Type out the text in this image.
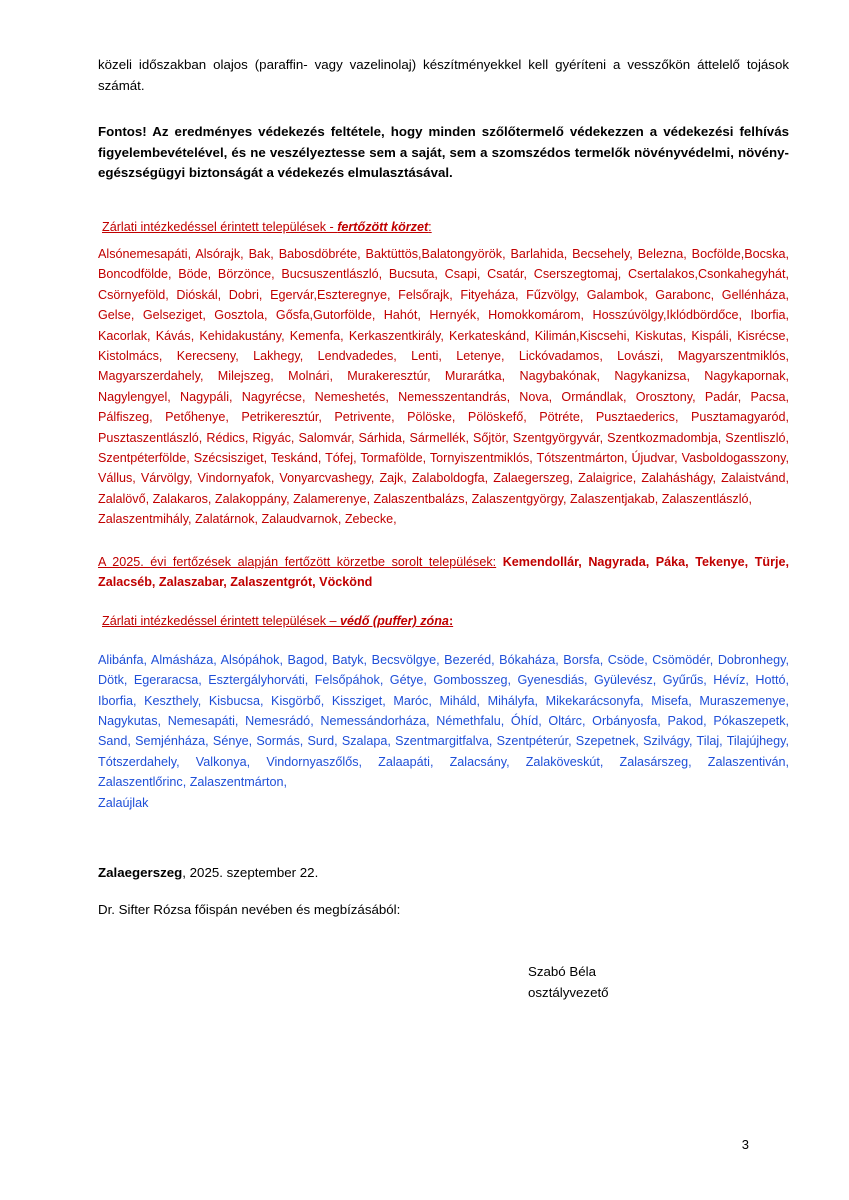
közeli időszakban olajos (paraffin- vagy vazelinolaj) készítményekkel kell gyéríteni a vesszőkön áttelelő tojások számát.

Fontos! Az eredményes védekezés feltétele, hogy minden szőlőtermelő védekezzen a védekezési felhívás figyelembevételével, és ne veszélyeztesse sem a saját, sem a szomszédos termelők növényvédelmi, növény-egészségügyi biztonságát a védekezés elmulasztásával.

Zárlati intézkedéssel érintett települések - fertőzött körzet:

Alsónemesapáti, Alsórajk, Bak, Babosdöbréte, Baktüttös,Balatongyörök, Barlahida, Becsehely, Belezna, Bocfölde,Bocska, Boncodfölde, Böde, Börzönce, Bucsuszentlászló, Bucsuta, Csapi, Csatár, Cserszegtomaj, Csertalakos,Csonkahegyhát, Csörnyeföld, Dióskál, Dobri, Egervár,Eszteregnye, Felsőrajk, Fityeháza, Fűzvölgy, Galambok, Garabonc, Gellénháza, Gelse, Gelseziget, Gosztola, Gősfa,Gutorfölde, Hahót, Hernyék, Homokkomárom, Hosszúvölgy,Iklódbördőce, Iborfia, Kacorlak, Kávás, Kehidakustány, Kemenfa, Kerkaszentkirály, Kerkateskánd, Kilimán,Kiscsehi, Kiskutas, Kispáli, Kisrécse, Kistolmács, Kerecseny, Lakhegy, Lendvadedes, Lenti, Letenye, Lickóvadamos, Lovászi, Magyarszentmiklós, Magyarszerdahely, Milejszeg, Molnári, Murakeresztúr, Murarátka, Nagybakónak, Nagykanizsa, Nagykapornak, Nagylengyel, Nagypáli, Nagyrécse, Nemeshetés, Nemesszentandrás, Nova, Ormándlak, Orosztony, Padár, Pacsa, Pálfiszeg, Petőhenye, Petrikeresztúr, Petrivente, Pölöske, Pölöskefő, Pötréte, Pusztaederics, Pusztamagyaród, Pusztaszentlászló, Rédics, Rigyác, Salomvár, Sárhida, Sármellék, Sőjtör, Szentgyörgyvár, Szentkozmadombja, Szentliszló, Szentpéterfölde, Szécsisziget, Teskánd, Tófej, Tormafölde, Tornyiszentmiklós, Tótszentmárton, Újudvar, Vasboldogasszony, Vállus, Várvölgy, Vindornyafok, Vonyarcvashegy, Zajk, Zalaboldogfa, Zalaegerszeg, Zalaigrice, Zalaháshágy, Zalaistvánd, Zalalövő, Zalakaros, Zalakoppány, Zalamerenye, Zalaszentbalázs, Zalaszentgyörgy, Zalaszentjakab, Zalaszentlászló,
Zalaszentmihály, Zalatárnok, Zalaudvarnok, Zebecke,

A 2025. évi fertőzések alapján fertőzött körzetbe sorolt települések: Kemendollár, Nagyrada, Páka, Tekenye, Türje, Zalacséb, Zalaszabar, Zalaszentgrót, Vöckönd

Zárlati intézkedéssel érintett települések – védő (puffer) zóna:

Alibánfa, Almásháza, Alsópáhok, Bagod, Batyk, Becsvölgye, Bezeréd, Bókaháza, Borsfa, Csöde, Csömödér, Dobronhegy, Dötk, Egeraracsa, Esztergályhorváti, Felsőpáhok, Gétye, Gombosszeg, Gyenesdiás, Gyülevész, Gyűrűs, Hévíz, Hottó, Iborfia, Keszthely, Kisbucsa, Kisgörbő, Kissziget, Maróc, Miháld, Mihályfa, Mikekarácsonyfa, Misefa, Muraszemenye, Nagykutas, Nemesapáti, Nemesrádó, Nemessándorháza, Némethfalu, Óhíd, Oltárc, Orbányosfa, Pakod, Pókaszepetk, Sand, Semjénháza, Sénye, Sormás, Surd, Szalapa, Szentmargitfalva, Szentpéterúr, Szepetnek, Szilvágy, Tilaj, Tilajújhegy, Tótszerdahely, Valkonya, Vindornyaszőlős, Zalaapáti, Zalacsány, Zalaköveskút, Zalasárszeg, Zalaszentiván, Zalaszentlőrinc, Zalaszentmárton,
Zalaújlak

Zalaegerszeg, 2025. szeptember 22.

Dr. Sifter Rózsa főispán nevében és megbízásából:

Szabó Béla
osztályvezető
3
